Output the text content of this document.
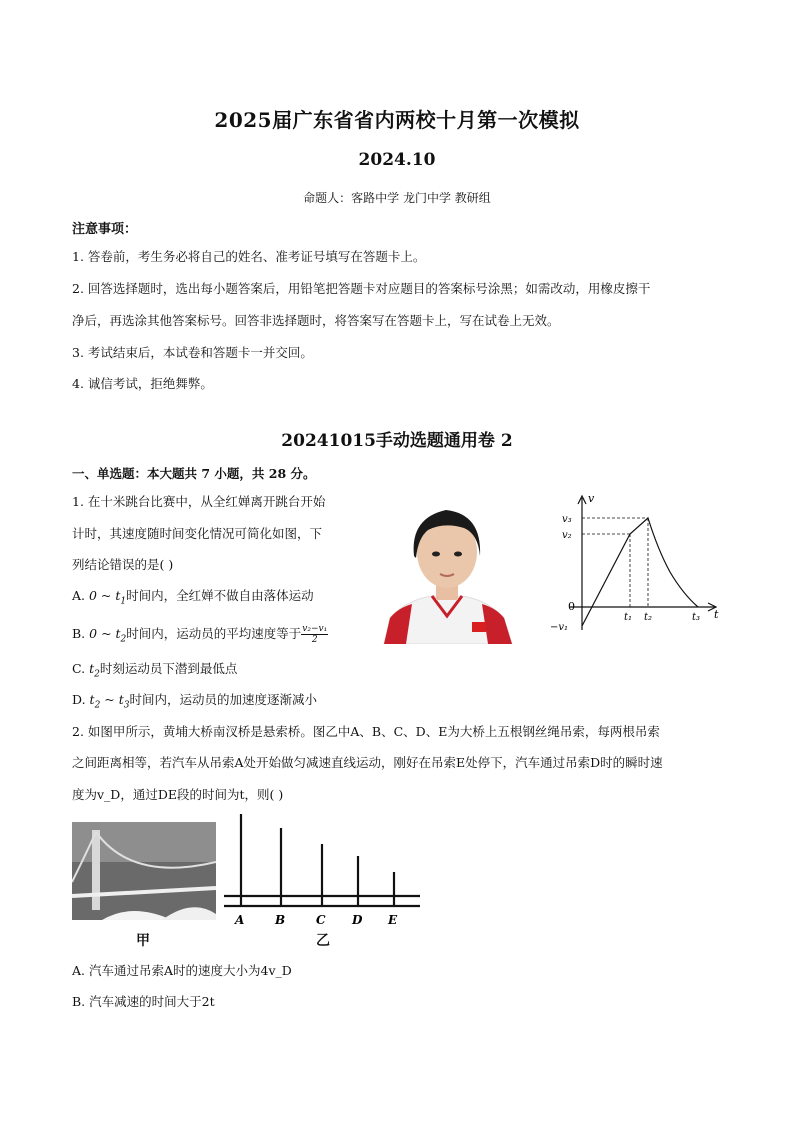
2025届广东省省内两校十月第一次模拟
2024.10
命题人：客路中学 龙门中学 教研组
注意事项：
1. 答卷前，考生务必将自己的姓名、准考证号填写在答题卡上。
2. 回答选择题时，选出每小题答案后，用铅笔把答题卡对应题目的答案标号涂黑；如需改动，用橡皮擦干
净后，再选涂其他答案标号。回答非选择题时，将答案写在答题卡上，写在试卷上无效。
3. 考试结束后，本试卷和答题卡一并交回。
4. 诚信考试，拒绝舞弊。
20241015手动选题通用卷 2
一、单选题：本大题共 7 小题，共 28 分。
1. 在十米跳台比赛中，从全红婵离开跳台开始
计时，其速度随时间变化情况可简化如图，下
列结论错误的是( )
A. 0 ~ $t_1$时间内，全红婵不做自由落体运动
B. 0 ~ $t_2$时间内，运动员的平均速度等于 $\frac{\text{v₂−v₁}}{2}$
C. $t_2$时刻运动员下潜到最低点
D. $t_2$ ~ $t_3$时间内，运动员的加速度逐渐减小
v
t
0
v₃
v₂
−v₁
t₁ t₂	t₃
2. 如图甲所示，黄埔大桥南汊桥是悬索桥。图乙中A、B、C、D、E为大桥上五根钢丝绳吊索，每两根吊索
之间距离相等，若汽车从吊索A处开始做匀减速直线运动，刚好在吊索E处停下，汽车通过吊索D时的瞬时速
度为v_D，通过DE段的时间为t，则( )
A	B	C D E
甲	乙
A. 汽车通过吊索A时的速度大小为4v_D
B. 汽车减速的时间大于2t
